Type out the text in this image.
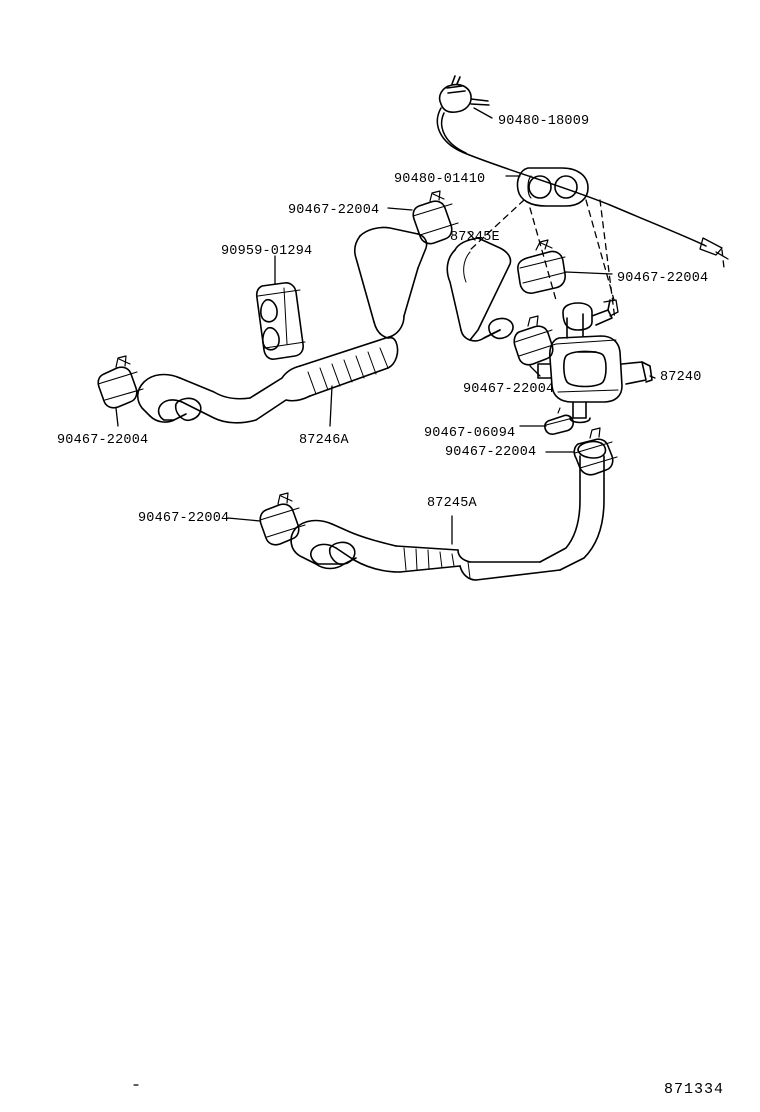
90480-18009
90480-01410
90467-22004
87245E
90959-01294
90467-22004
90467-22004
87240
90467-06094
90467-22004	87246A
90467-22004
87245A
90467-22004
871334
